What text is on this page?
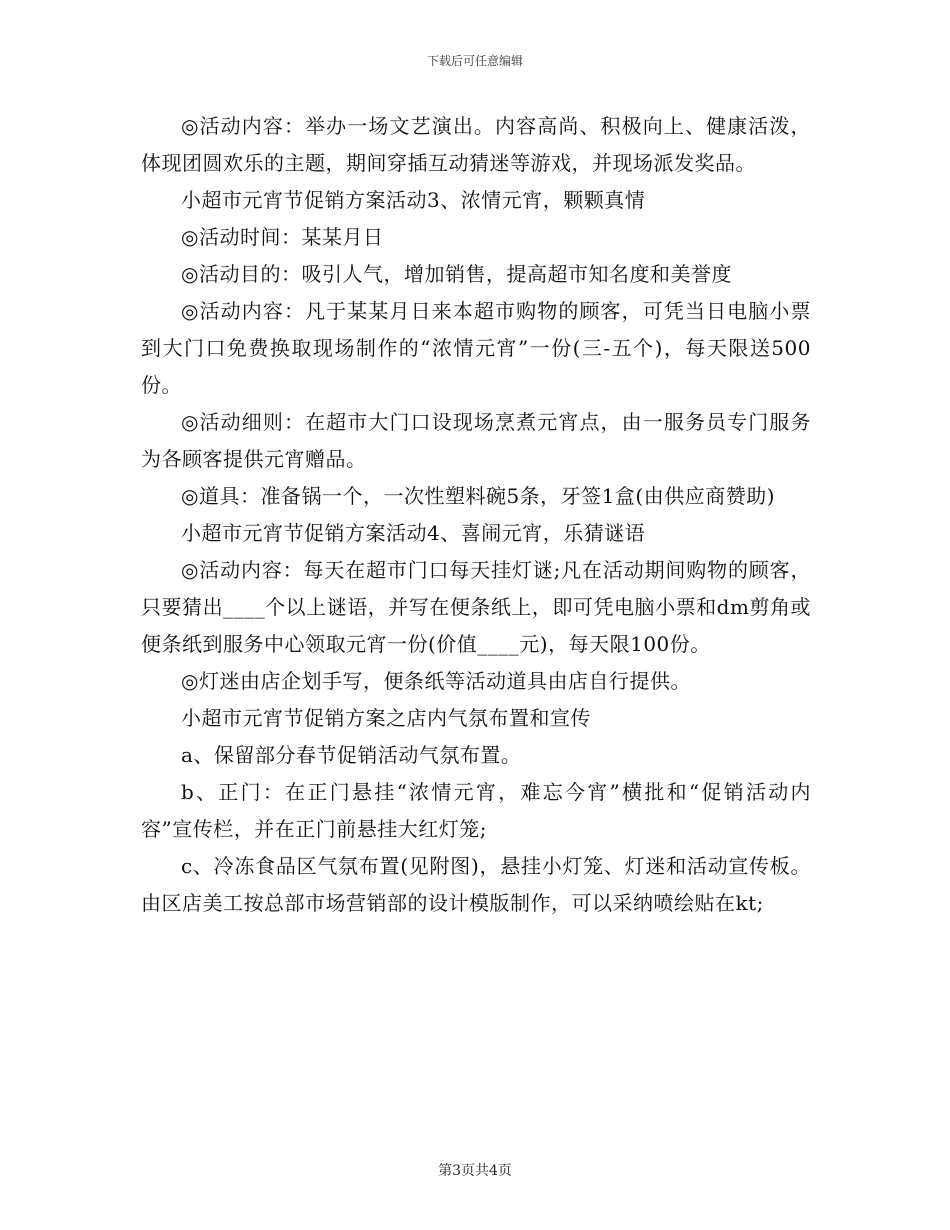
下载后可任意编辑

◎活动内容：举办一场文艺演出。内容高尚、积极向上、健康活泼，体现团圆欢乐的主题，期间穿插互动猜迷等游戏，并现场派发奖品。

小超市元宵节促销方案活动3、浓情元宵，颗颗真情

◎活动时间：某某月日

◎活动目的：吸引人气，增加销售，提高超市知名度和美誉度

◎活动内容：凡于某某月日来本超市购物的顾客，可凭当日电脑小票到大门口免费换取现场制作的“浓情元宵”一份(三-五个)，每天限送500份。

◎活动细则：在超市大门口设现场烹煮元宵点，由一服务员专门服务为各顾客提供元宵赠品。

◎道具：准备锅一个，一次性塑料碗5条，牙签1盒(由供应商赞助)

小超市元宵节促销方案活动4、喜闹元宵，乐猜谜语

◎活动内容：每天在超市门口每天挂灯谜;凡在活动期间购物的顾客，只要猜出____个以上谜语，并写在便条纸上，即可凭电脑小票和dm剪角或便条纸到服务中心领取元宵一份(价值____元)，每天限100份。

◎灯迷由店企划手写，便条纸等活动道具由店自行提供。

小超市元宵节促销方案之店内气氛布置和宣传

a、保留部分春节促销活动气氛布置。

b、正门：在正门悬挂“浓情元宵，难忘今宵”横批和“促销活动内容”宣传栏，并在正门前悬挂大红灯笼;

c、冷冻食品区气氛布置(见附图)，悬挂小灯笼、灯迷和活动宣传板。由区店美工按总部市场营销部的设计模版制作，可以采纳喷绘贴在kt;

第3页共4页
